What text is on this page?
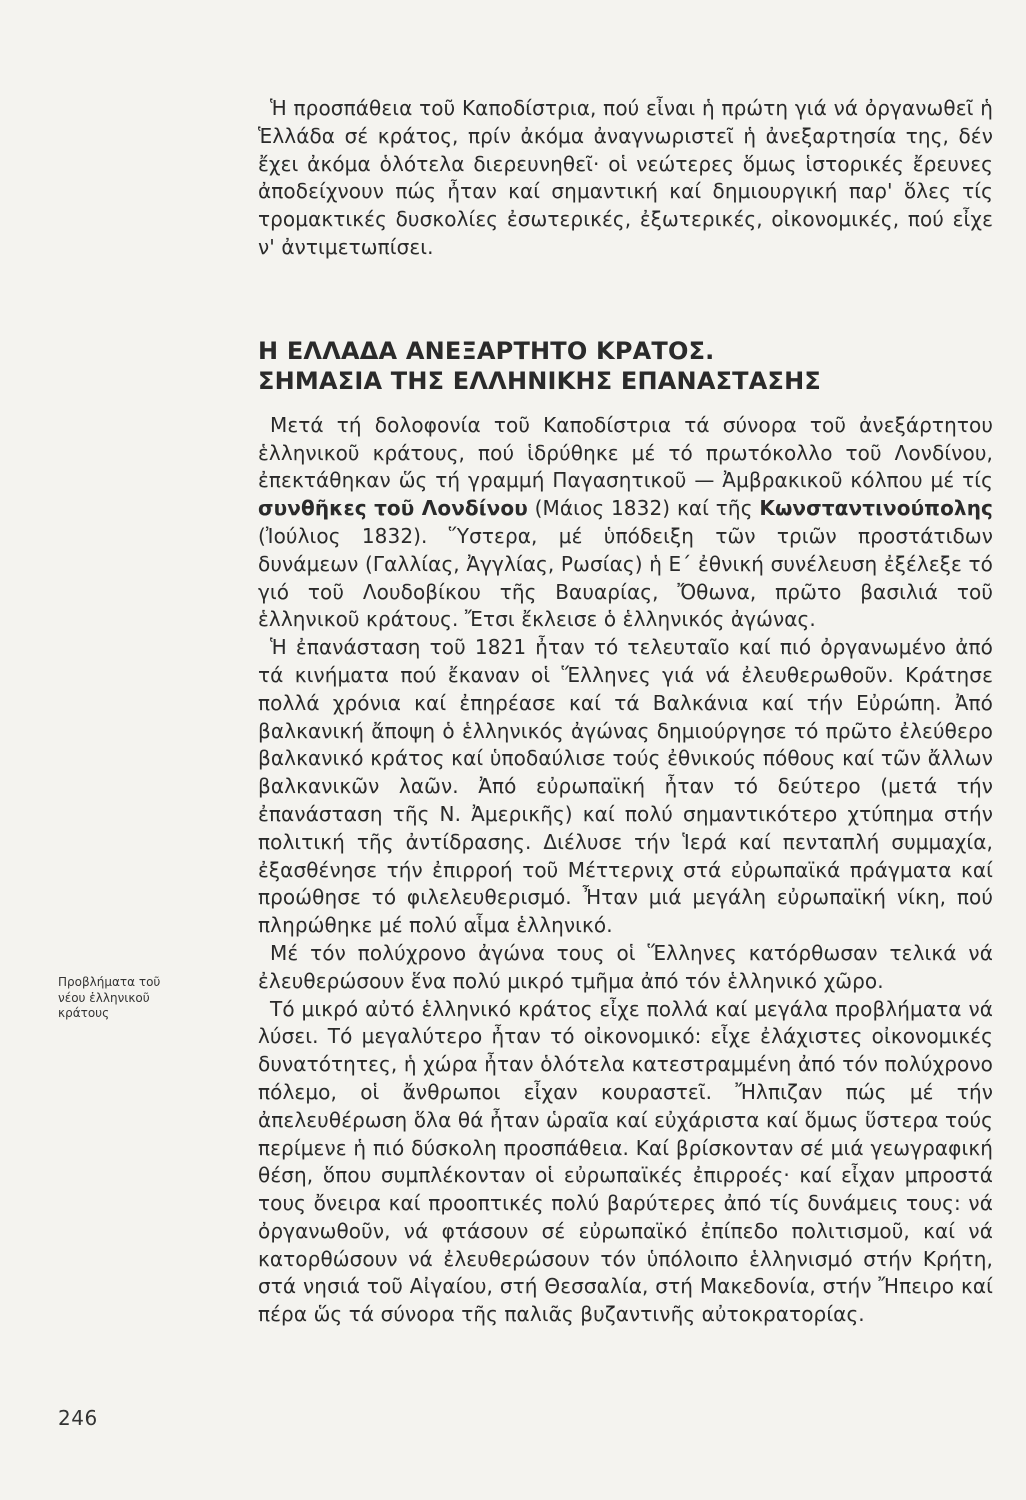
Ἡ προσπάθεια τοῦ Καποδίστρια, πού εἶναι ἡ πρώτη γιά νά ὀργανωθεῖ ἡ Ἑλλάδα σέ κράτος, πρίν ἀκόμα ἀναγνωριστεῖ ἡ ἀνεξαρτησία της, δέν ἔχει ἀκόμα ὁλότελα διερευνηθεῖ· οἱ νεώτερες ὅμως ἱστορικές ἔρευνες ἀποδείχνουν πώς ἦταν καί σημαντική καί δημιουργική παρ' ὅλες τίς τρομακτικές δυσκολίες ἐσωτερικές, ἐξωτερικές, οἰκονομικές, πού εἶχε ν' ἀντιμετωπίσει.

Η ΕΛΛΑΔΑ ΑΝΕΞΑΡΤΗΤΟ ΚΡΑΤΟΣ.
ΣΗΜΑΣΙΑ ΤΗΣ ΕΛΛΗΝΙΚΗΣ ΕΠΑΝΑΣΤΑΣΗΣ

Μετά τή δολοφονία τοῦ Καποδίστρια τά σύνορα τοῦ ἀνεξάρτητου ἑλληνικοῦ κράτους, πού ἱδρύθηκε μέ τό πρωτόκολλο τοῦ Λονδίνου, ἐπεκτάθηκαν ὥς τή γραμμή Παγασητικοῦ — Ἀμβρακικοῦ κόλπου μέ τίς συνθῆκες τοῦ Λονδίνου (Μάιος 1832) καί τῆς Κωνσταντινούπολης (Ἰούλιος 1832). Ὕστερα, μέ ὑπόδειξη τῶν τριῶν προστάτιδων δυνάμεων (Γαλλίας, Ἀγγλίας, Ρωσίας) ἡ Ε΄ ἐθνική συνέλευση ἐξέλεξε τό γιό τοῦ Λουδοβίκου τῆς Βαυαρίας, Ὄθωνα, πρῶτο βασιλιά τοῦ ἑλληνικοῦ κράτους. Ἔτσι ἔκλεισε ὁ ἑλληνικός ἀγώνας.

Ἡ ἐπανάσταση τοῦ 1821 ἦταν τό τελευταῖο καί πιό ὀργανωμένο ἀπό τά κινήματα πού ἔκαναν οἱ Ἕλληνες γιά νά ἐλευθερωθοῦν. Κράτησε πολλά χρόνια καί ἐπηρέασε καί τά Βαλκάνια καί τήν Εὐρώπη. Ἀπό βαλκανική ἄποψη ὁ ἑλληνικός ἀγώνας δημιούργησε τό πρῶτο ἐλεύθερο βαλκανικό κράτος καί ὑποδαύλισε τούς ἐθνικούς πόθους καί τῶν ἄλλων βαλκανικῶν λαῶν. Ἀπό εὐρωπαϊκή ἦταν τό δεύτερο (μετά τήν ἐπανάσταση τῆς Ν. Ἀμερικῆς) καί πολύ σημαντικότερο χτύπημα στήν πολιτική τῆς ἀντίδρασης. Διέλυσε τήν Ἱερά καί πενταπλή συμμαχία, ἐξασθένησε τήν ἐπιρροή τοῦ Μέττερνιχ στά εὐρωπαϊκά πράγματα καί προώθησε τό φιλελευθερισμό. Ἦταν μιά μεγάλη εὐρωπαϊκή νίκη, πού πληρώθηκε μέ πολύ αἷμα ἑλληνικό.

Μέ τόν πολύχρονο ἀγώνα τους οἱ Ἕλληνες κατόρθωσαν τελικά νά ἐλευθερώσουν ἕνα πολύ μικρό τμῆμα ἀπό τόν ἑλληνικό χῶρο.

Τό μικρό αὐτό ἑλληνικό κράτος εἶχε πολλά καί μεγάλα προβλήματα νά λύσει. Τό μεγαλύτερο ἦταν τό οἰκονομικό: εἶχε ἐλάχιστες οἰκονομικές δυνατότητες, ἡ χώρα ἦταν ὁλότελα κατεστραμμένη ἀπό τόν πολύχρονο πόλεμο, οἱ ἄνθρωποι εἶχαν κουραστεῖ. Ἤλπιζαν πώς μέ τήν ἀπελευθέρωση ὅλα θά ἦταν ὡραῖα καί εὐχάριστα καί ὅμως ὕστερα τούς περίμενε ἡ πιό δύσκολη προσπάθεια. Καί βρίσκονταν σέ μιά γεωγραφική θέση, ὅπου συμπλέκονταν οἱ εὐρωπαϊκές ἐπιρροές· καί εἶχαν μπροστά τους ὄνειρα καί προοπτικές πολύ βαρύτερες ἀπό τίς δυνάμεις τους: νά ὀργανωθοῦν, νά φτάσουν σέ εὐρωπαϊκό ἐπίπεδο πολιτισμοῦ, καί νά κατορθώσουν νά ἐλευθερώσουν τόν ὑπόλοιπο ἑλληνισμό στήν Κρήτη, στά νησιά τοῦ Αἰγαίου, στή Θεσσαλία, στή Μακεδονία, στήν Ἤπειρο καί πέρα ὥς τά σύνορα τῆς παλιᾶς βυζαντινῆς αὐτοκρατορίας.

Προβλήματα τοῦ
νέου ἑλληνικοῦ
κράτους
246
